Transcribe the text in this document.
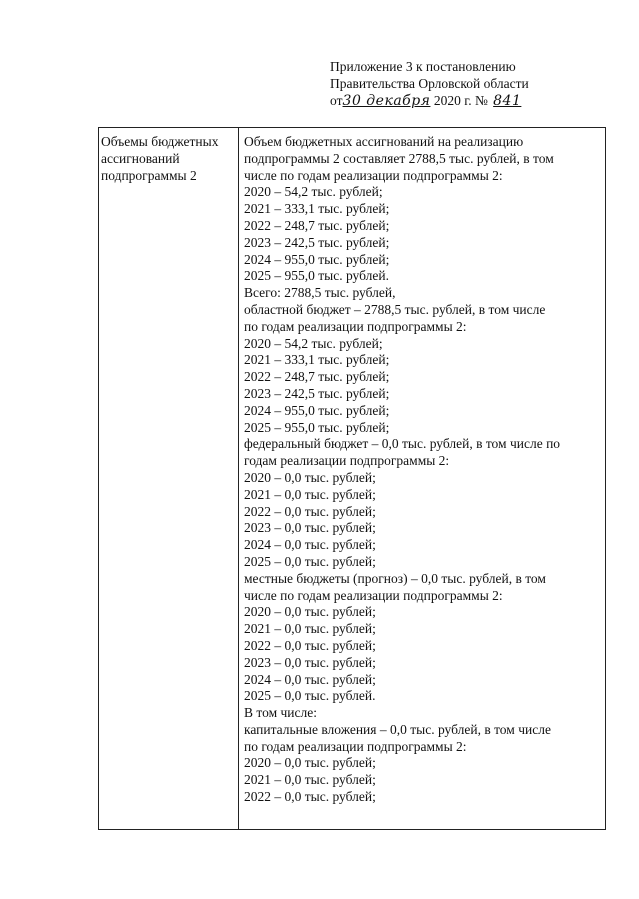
Приложение 3 к постановлению
Правительства Орловской области
от30 декабря 2020 г. № 841
Объемы бюджетных
ассигнований
подпрограммы 2
Объем бюджетных ассигнований на реализацию
подпрограммы 2 составляет 2788,5 тыс. рублей, в том
числе по годам реализации подпрограммы 2:
2020 – 54,2 тыс. рублей;
2021 – 333,1 тыс. рублей;
2022 – 248,7 тыс. рублей;
2023 – 242,5 тыс. рублей;
2024 – 955,0 тыс. рублей;
2025 – 955,0 тыс. рублей.
Всего: 2788,5 тыс. рублей,
областной бюджет – 2788,5 тыс. рублей, в том числе
по годам реализации подпрограммы 2:
2020 – 54,2 тыс. рублей;
2021 – 333,1 тыс. рублей;
2022 – 248,7 тыс. рублей;
2023 – 242,5 тыс. рублей;
2024 – 955,0 тыс. рублей;
2025 – 955,0 тыс. рублей;
федеральный бюджет – 0,0 тыс. рублей, в том числе по
годам реализации подпрограммы 2:
2020 – 0,0 тыс. рублей;
2021 – 0,0 тыс. рублей;
2022 – 0,0 тыс. рублей;
2023 – 0,0 тыс. рублей;
2024 – 0,0 тыс. рублей;
2025 – 0,0 тыс. рублей;
местные бюджеты (прогноз) – 0,0 тыс. рублей, в том
числе по годам реализации подпрограммы 2:
2020 – 0,0 тыс. рублей;
2021 – 0,0 тыс. рублей;
2022 – 0,0 тыс. рублей;
2023 – 0,0 тыс. рублей;
2024 – 0,0 тыс. рублей;
2025 – 0,0 тыс. рублей.
В том числе:
капитальные вложения – 0,0 тыс. рублей, в том числе
по годам реализации подпрограммы 2:
2020 – 0,0 тыс. рублей;
2021 – 0,0 тыс. рублей;
2022 – 0,0 тыс. рублей;
